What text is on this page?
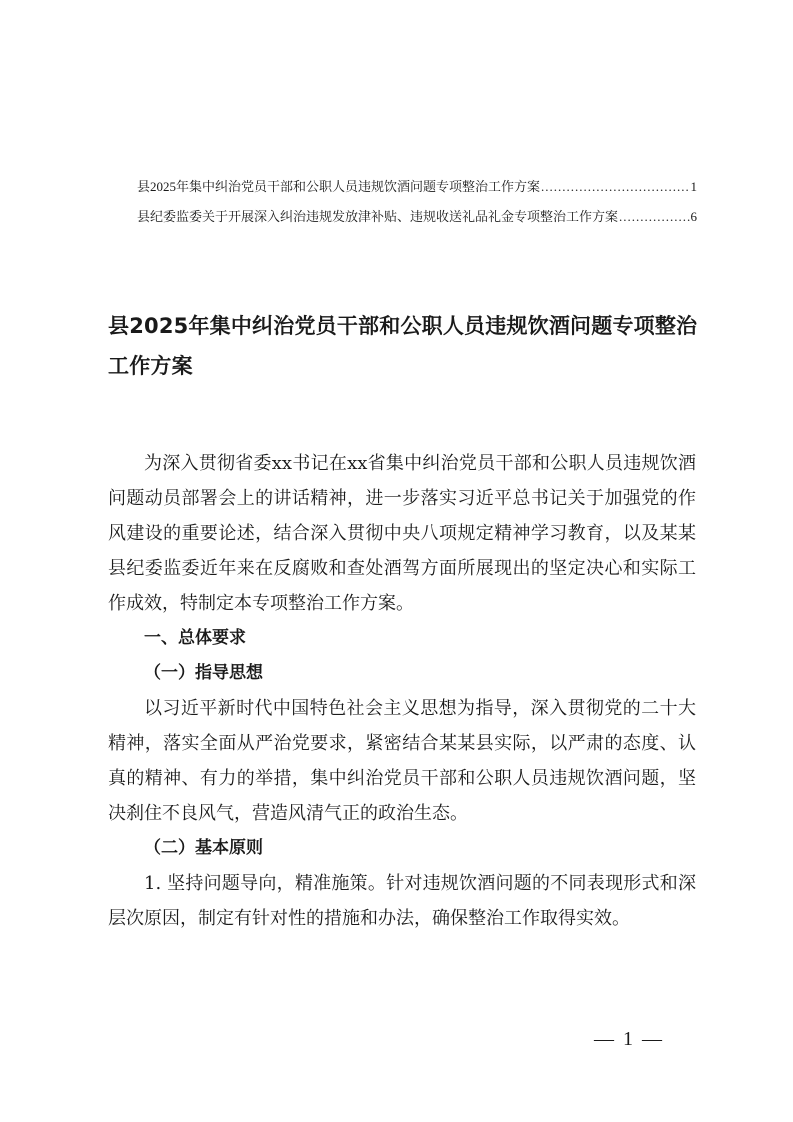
县2025年集中纠治党员干部和公职人员违规饮酒问题专项整治工作方案 .....	1
县纪委监委关于开展深入纠治违规发放津补贴、违规收送礼品礼金专项整治工作方案 .....	6
县2025年集中纠治党员干部和公职人员违规饮酒问题专项整治工作方案

为深入贯彻省委xx书记在xx省集中纠治党员干部和公职人员违规饮酒问题动员部署会上的讲话精神，进一步落实习近平总书记关于加强党的作风建设的重要论述，结合深入贯彻中央八项规定精神学习教育，以及某某县纪委监委近年来在反腐败和查处酒驾方面所展现出的坚定决心和实际工作成效，特制定本专项整治工作方案。

一、总体要求

（一）指导思想

以习近平新时代中国特色社会主义思想为指导，深入贯彻党的二十大精神，落实全面从严治党要求，紧密结合某某县实际，以严肃的态度、认真的精神、有力的举措，集中纠治党员干部和公职人员违规饮酒问题，坚决刹住不良风气，营造风清气正的政治生态。

（二）基本原则

1. 坚持问题导向，精准施策。针对违规饮酒问题的不同表现形式和深层次原因，制定有针对性的措施和办法，确保整治工作取得实效。

— 1 —
